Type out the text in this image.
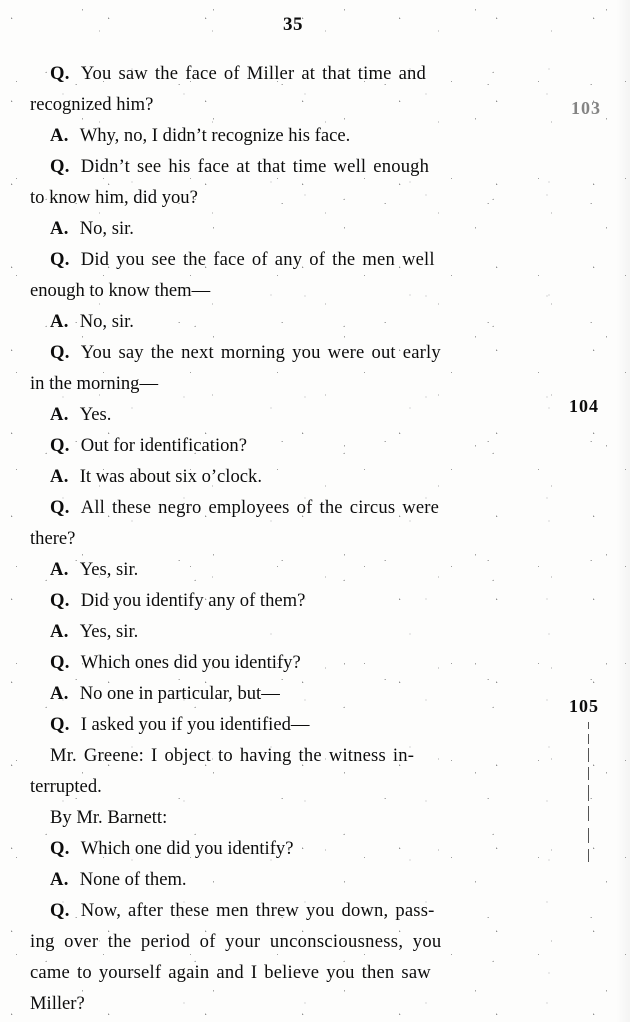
35

Q. You saw the face of Miller at that time and

recognized him?

A. Why, no, I didn’t recognize his face.

Q. Didn’t see his face at that time well enough

to know him, did you?

A. No, sir.

Q. Did you see the face of any of the men well

enough to know them—

A. No, sir.

Q. You say the next morning you were out early

in the morning—

A. Yes.

Q. Out for identification?

A. It was about six o’clock.

Q. All these negro employees of the circus were

there?

A. Yes, sir.

Q. Did you identify any of them?

A. Yes, sir.

Q. Which ones did you identify?

A. No one in particular, but—

Q. I asked you if you identified—

Mr. Greene: I object to having the witness in-

terrupted.

By Mr. Barnett:

Q. Which one did you identify?

A. None of them.

Q. Now, after these men threw you down, pass-

ing over the period of your unconsciousness, you

came to yourself again and I believe you then saw

Miller?

103
104
105
